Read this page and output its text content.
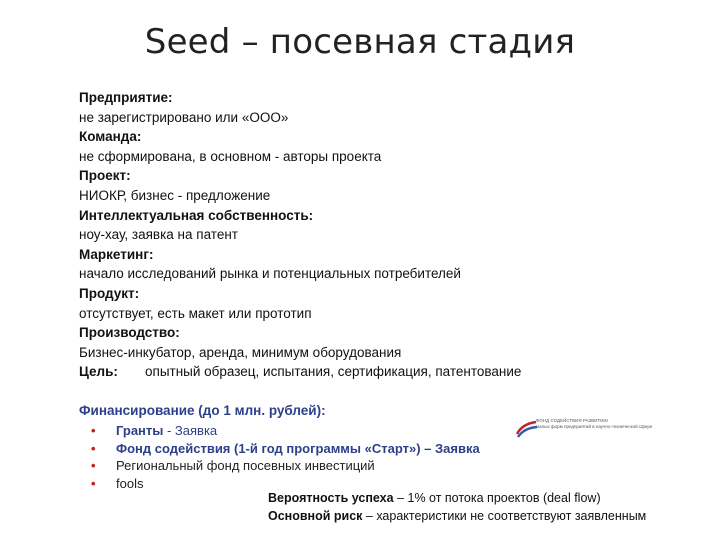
Seed – посевная стадия
Предприятие:
не зарегистрировано или «ООО»
Команда:
не сформирована, в основном - авторы проекта
Проект:
НИОКР, бизнес - предложение
Интеллектуальная собственность:
ноу-хау, заявка на патент
Маркетинг:
начало исследований рынка и потенциальных потребителей
Продукт:
отсутствует, есть макет или прототип
Производство:
Бизнес-инкубатор, аренда, минимум оборудования
Цель: опытный образец, испытания, сертификация, патентование
Финансирование (до 1 млн. рублей):
• Гранты - Заявка
• Фонд содействия (1-й год программы «Старт») – Заявка
• Региональный фонд посевных инвестиций
• fools
ФОНД СОДЕЙСТВИЯ РАЗВИТИЮ
малых форм предприятий в научно-технической сфере
Вероятность успеха – 1% от потока проектов (deal flow)
Основной риск – характеристики не соответствуют заявленным
